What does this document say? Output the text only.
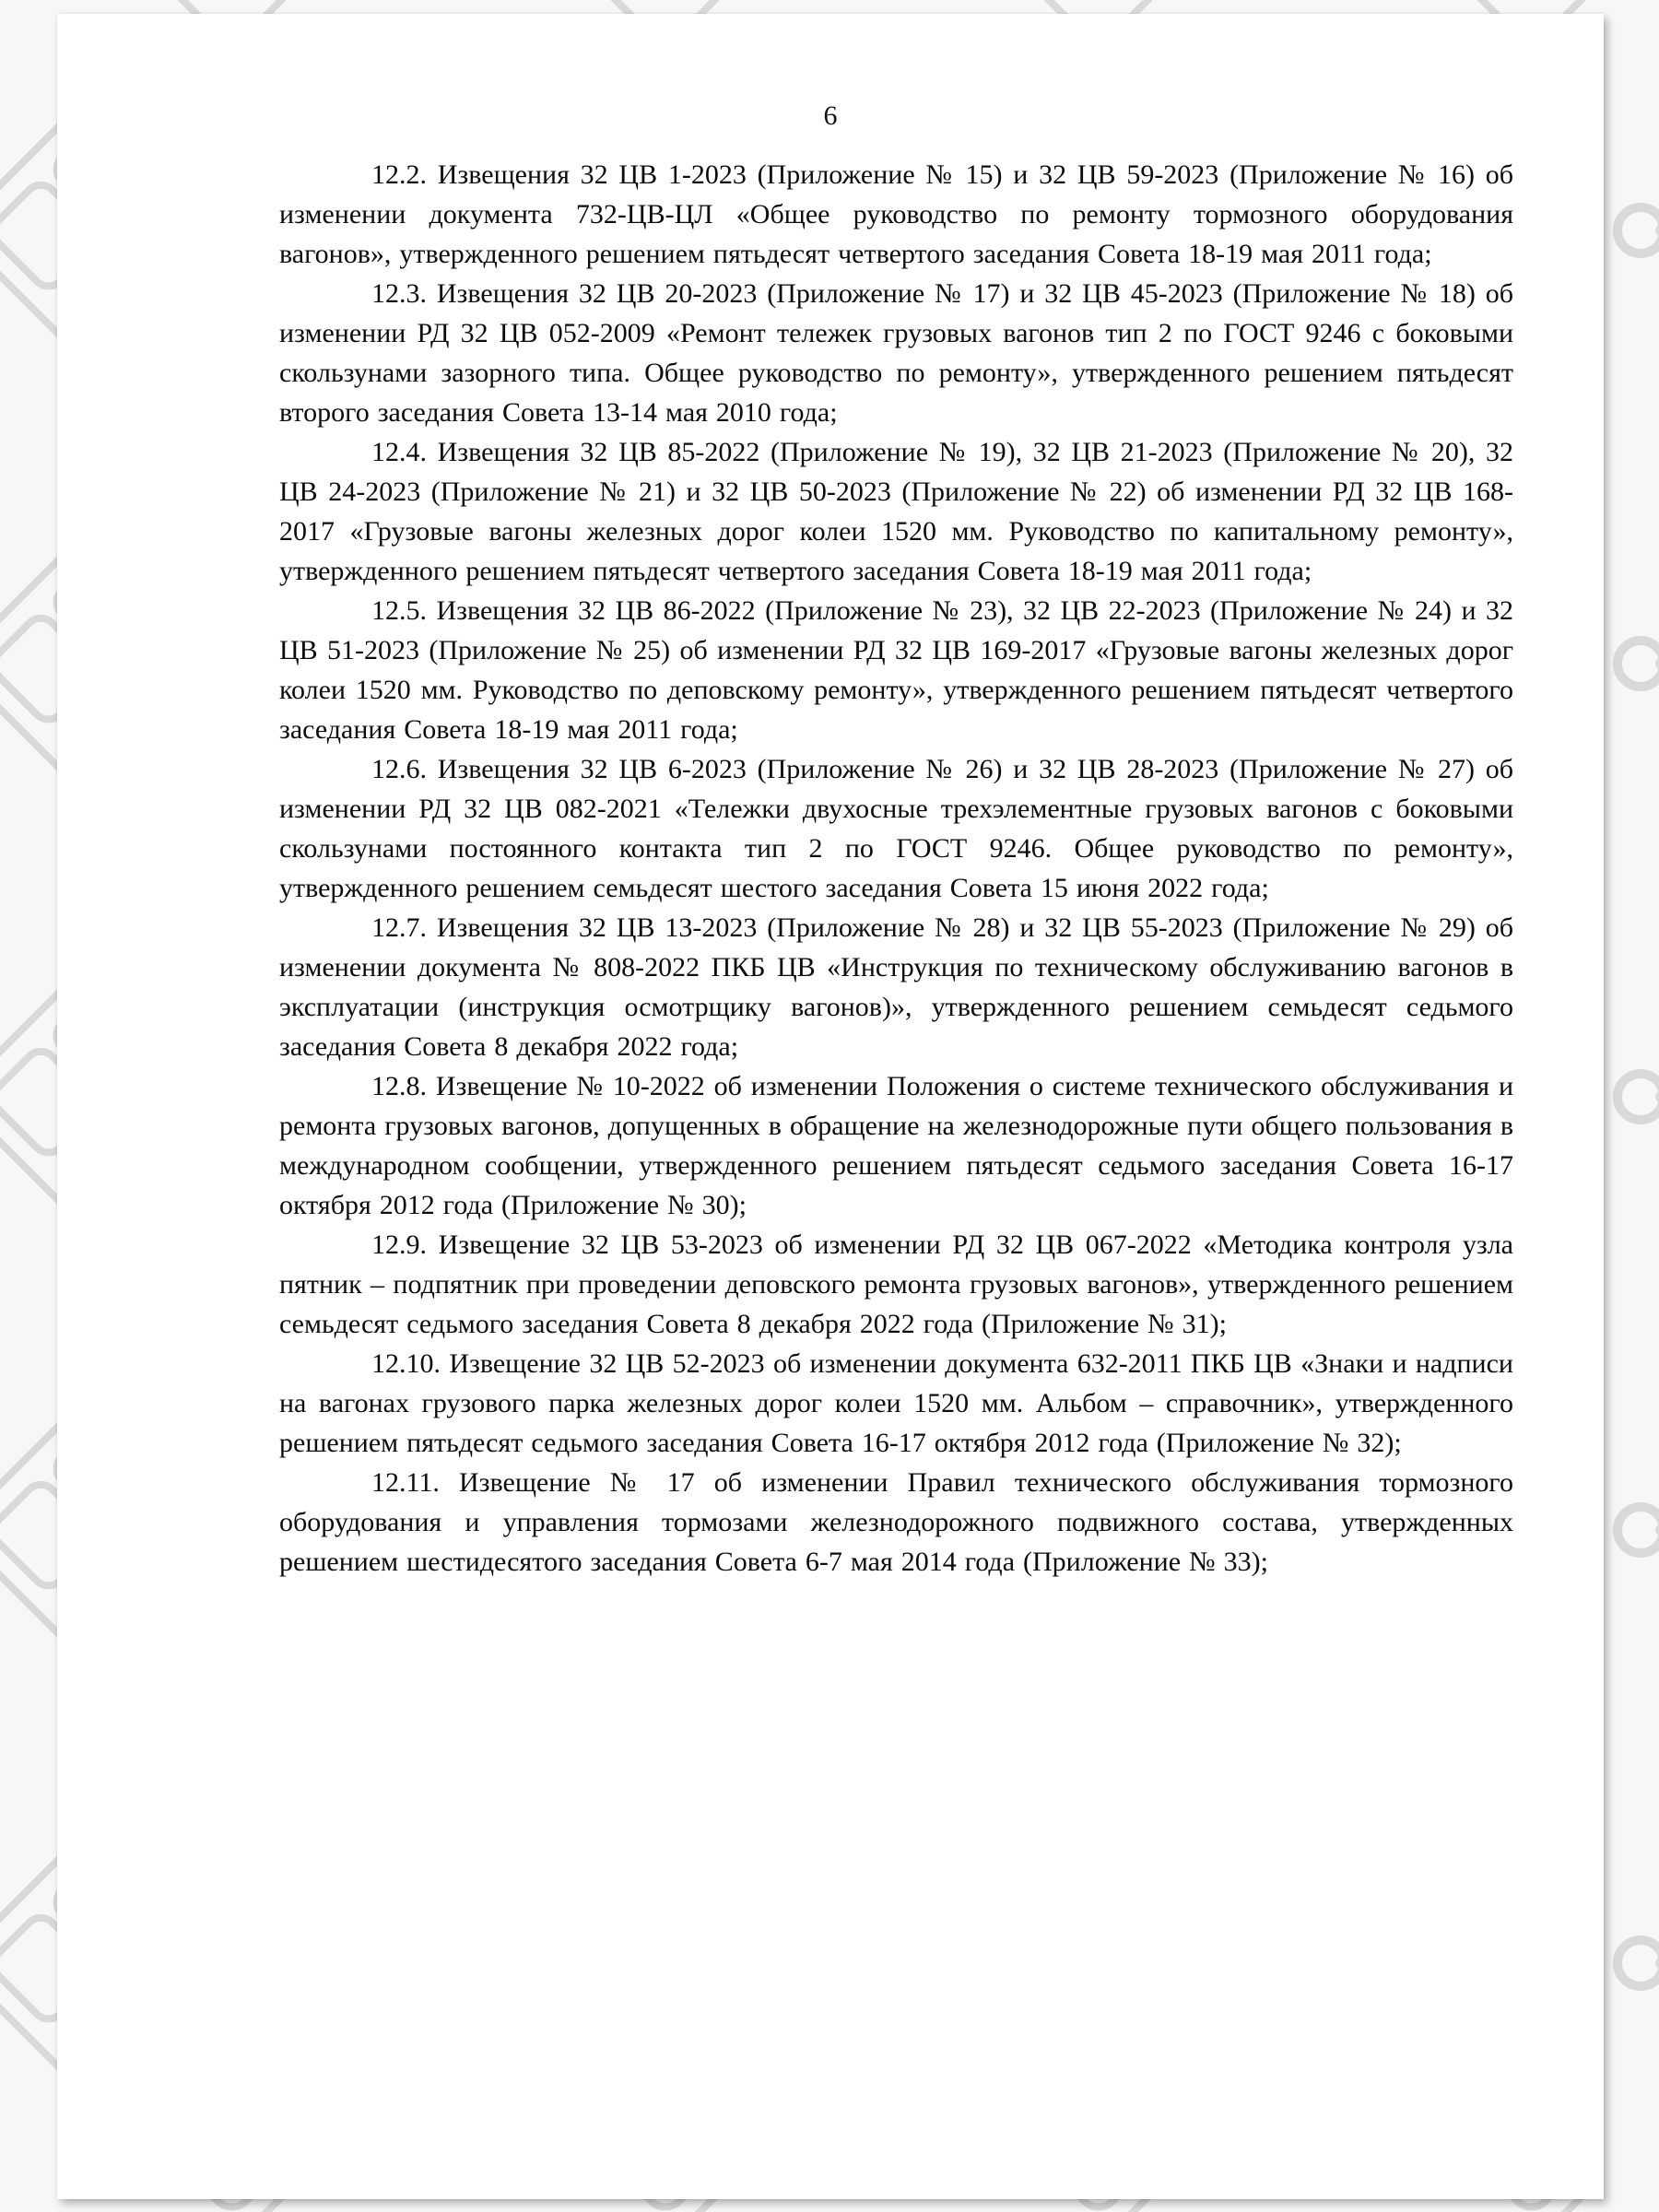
6

12.2. Извещения 32 ЦВ 1-2023 (Приложение № 15) и 32 ЦВ 59-2023 (Приложение № 16) об изменении документа 732-ЦВ-ЦЛ «Общее руководство по ремонту тормозного оборудования вагонов», утвержденного решением пятьдесят четвертого заседания Совета 18-19 мая 2011 года;

12.3. Извещения 32 ЦВ 20-2023 (Приложение № 17) и 32 ЦВ 45-2023 (Приложение № 18) об изменении РД 32 ЦВ 052-2009 «Ремонт тележек грузовых вагонов тип 2 по ГОСТ 9246 с боковыми скользунами зазорного типа. Общее руководство по ремонту», утвержденного решением пятьдесят второго заседания Совета 13-14 мая 2010 года;

12.4. Извещения 32 ЦВ 85-2022 (Приложение № 19), 32 ЦВ 21-2023 (Приложение № 20), 32 ЦВ 24-2023 (Приложение № 21) и 32 ЦВ 50-2023 (Приложение № 22) об изменении РД 32 ЦВ 168-2017 «Грузовые вагоны железных дорог колеи 1520 мм. Руководство по капитальному ремонту», утвержденного решением пятьдесят четвертого заседания Совета 18-19 мая 2011 года;

12.5. Извещения 32 ЦВ 86-2022 (Приложение № 23), 32 ЦВ 22-2023 (Приложение № 24) и 32 ЦВ 51-2023 (Приложение № 25) об изменении РД 32 ЦВ 169-2017 «Грузовые вагоны железных дорог колеи 1520 мм. Руководство по деповскому ремонту», утвержденного решением пятьдесят четвертого заседания Совета 18-19 мая 2011 года;

12.6. Извещения 32 ЦВ 6-2023 (Приложение № 26) и 32 ЦВ 28-2023 (Приложение № 27) об изменении РД 32 ЦВ 082-2021 «Тележки двухосные трехэлементные грузовых вагонов с боковыми скользунами постоянного контакта тип 2 по ГОСТ 9246. Общее руководство по ремонту», утвержденного решением семьдесят шестого заседания Совета 15 июня 2022 года;

12.7. Извещения 32 ЦВ 13-2023 (Приложение № 28) и 32 ЦВ 55-2023 (Приложение № 29) об изменении документа № 808-2022 ПКБ ЦВ «Инструкция по техническому обслуживанию вагонов в эксплуатации (инструкция осмотрщику вагонов)», утвержденного решением семьдесят седьмого заседания Совета 8 декабря 2022 года;

12.8. Извещение № 10-2022 об изменении Положения о системе технического обслуживания и ремонта грузовых вагонов, допущенных в обращение на железнодорожные пути общего пользования в международном сообщении, утвержденного решением пятьдесят седьмого заседания Совета 16-17 октября 2012 года (Приложение № 30);

12.9. Извещение 32 ЦВ 53-2023 об изменении РД 32 ЦВ 067-2022 «Методика контроля узла пятник – подпятник при проведении деповского ремонта грузовых вагонов», утвержденного решением семьдесят седьмого заседания Совета 8 декабря 2022 года (Приложение № 31);

12.10. Извещение 32 ЦВ 52-2023 об изменении документа 632-2011 ПКБ ЦВ «Знаки и надписи на вагонах грузового парка железных дорог колеи 1520 мм. Альбом – справочник», утвержденного решением пятьдесят седьмого заседания Совета 16-17 октября 2012 года (Приложение № 32);

12.11. Извещение № 17 об изменении Правил технического обслуживания тормозного оборудования и управления тормозами железнодорожного подвижного состава, утвержденных решением шестидесятого заседания Совета 6-7 мая 2014 года (Приложение № 33);
